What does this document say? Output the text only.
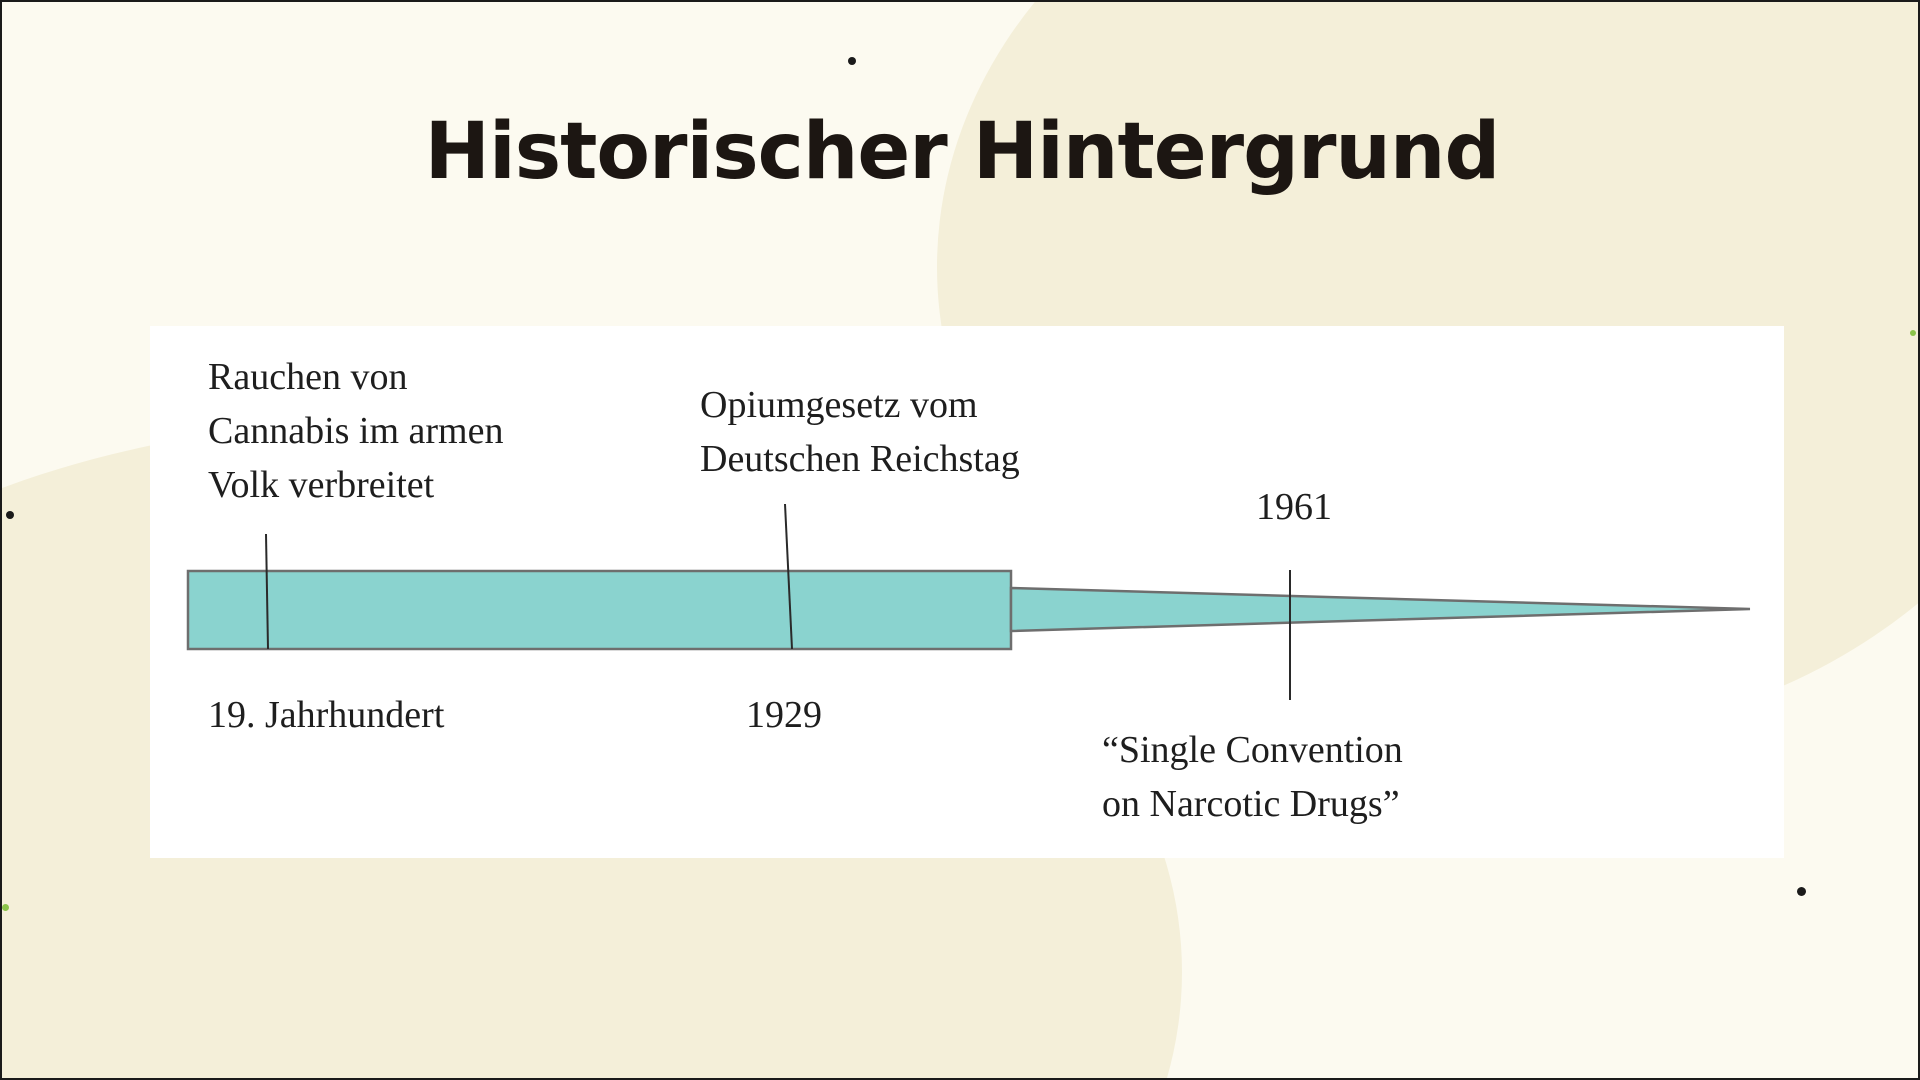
Historischer Hintergrund
Rauchen von
Cannabis im armen
Volk verbreitet
Opiumgesetz vom
Deutschen Reichstag
1961
19. Jahrhundert	1929
“Single Convention
on Narcotic Drugs”
